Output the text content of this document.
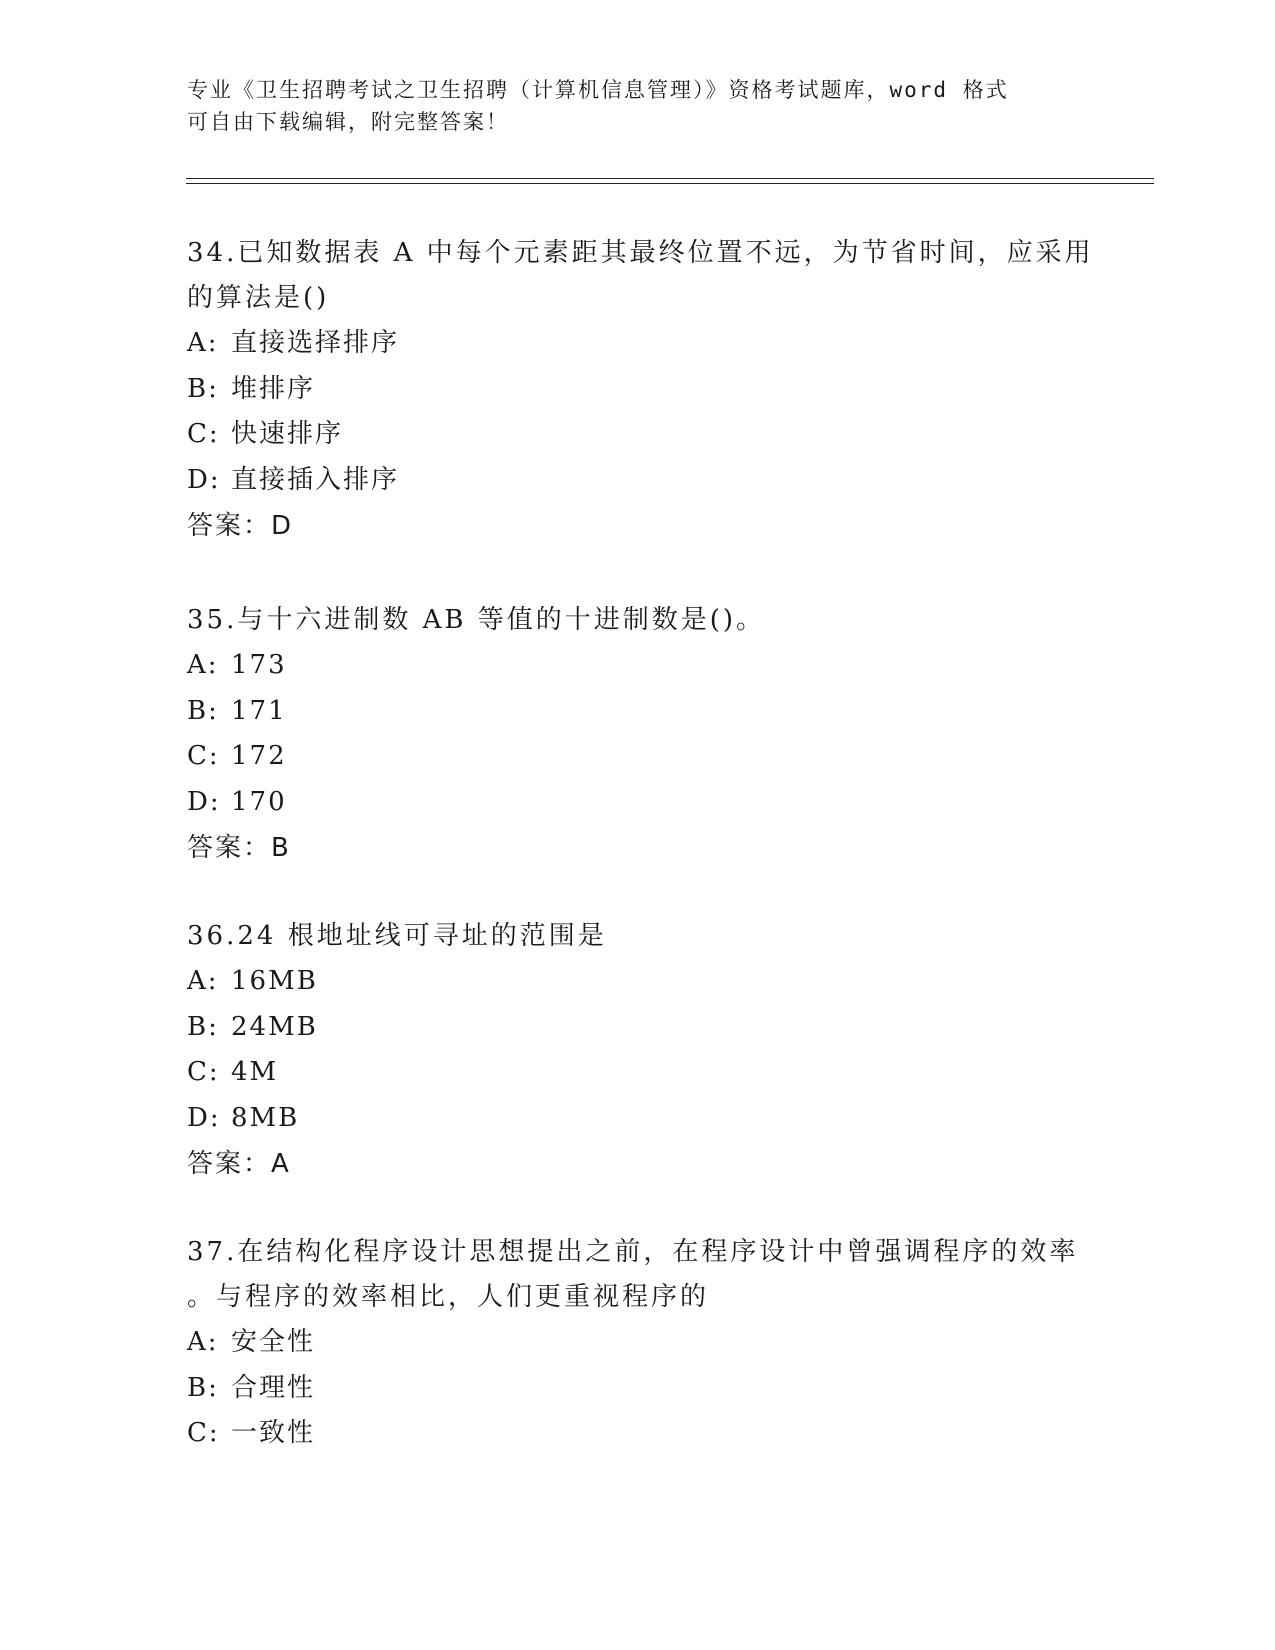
专业《卫生招聘考试之卫生招聘（计算机信息管理）》资格考试题库，word 格式
可自由下载编辑，附完整答案！
34.已知数据表 A 中每个元素距其最终位置不远，为节省时间，应采用
的算法是()
A: 直接选择排序
B: 堆排序
C: 快速排序
D: 直接插入排序
答案：D
35.与十六进制数 AB 等值的十进制数是()。
A: 173
B: 171
C: 172
D: 170
答案：B
36.24 根地址线可寻址的范围是
A: 16MB
B: 24MB
C: 4M
D: 8MB
答案：A
37.在结构化程序设计思想提出之前，在程序设计中曾强调程序的效率
。与程序的效率相比，人们更重视程序的
A: 安全性
B: 合理性
C: 一致性
